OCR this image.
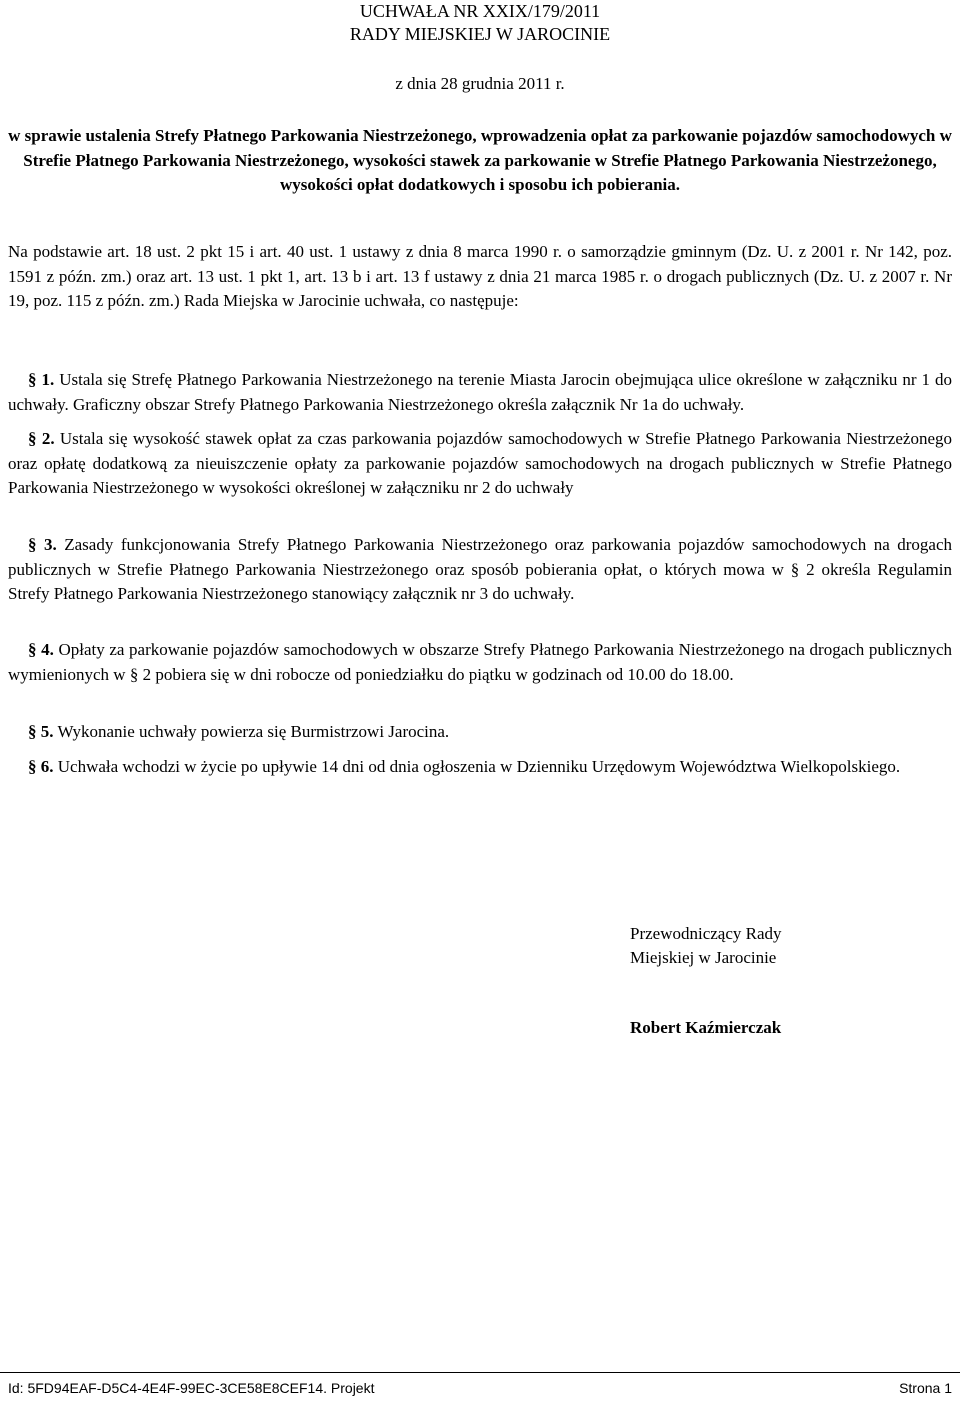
UCHWAŁA NR XXIX/179/2011
RADY MIEJSKIEJ W JAROCINIE
z dnia 28 grudnia 2011 r.
w sprawie ustalenia Strefy Płatnego Parkowania Niestrzeżonego, wprowadzenia opłat za parkowanie pojazdów samochodowych w Strefie Płatnego Parkowania Niestrzeżonego, wysokości stawek za parkowanie w Strefie Płatnego Parkowania Niestrzeżonego, wysokości opłat dodatkowych i sposobu ich pobierania.
Na podstawie art. 18 ust. 2 pkt 15 i art. 40 ust. 1 ustawy z dnia 8 marca 1990 r. o samorządzie gminnym (Dz. U. z 2001 r. Nr 142, poz. 1591 z późn. zm.) oraz art. 13 ust. 1 pkt 1, art. 13 b i art. 13 f ustawy z dnia 21 marca 1985 r. o drogach publicznych (Dz. U. z 2007 r. Nr 19, poz. 115 z późn. zm.) Rada Miejska w Jarocinie uchwała, co następuje:
§ 1. Ustala się Strefę Płatnego Parkowania Niestrzeżonego na terenie Miasta Jarocin obejmująca ulice określone w załączniku nr 1 do uchwały. Graficzny obszar Strefy Płatnego Parkowania Niestrzeżonego określa załącznik Nr 1a do uchwały.
§ 2. Ustala się wysokość stawek opłat za czas parkowania pojazdów samochodowych w Strefie Płatnego Parkowania Niestrzeżonego oraz opłatę dodatkową za nieuiszczenie opłaty za parkowanie pojazdów samochodowych na drogach publicznych w Strefie Płatnego Parkowania Niestrzeżonego w wysokości określonej w załączniku nr 2 do uchwały
§ 3. Zasady funkcjonowania Strefy Płatnego Parkowania Niestrzeżonego oraz parkowania pojazdów samochodowych na drogach publicznych w Strefie Płatnego Parkowania Niestrzeżonego oraz sposób pobierania opłat, o których mowa w § 2 określa Regulamin Strefy Płatnego Parkowania Niestrzeżonego stanowiący załącznik nr 3 do uchwały.
§ 4. Opłaty za parkowanie pojazdów samochodowych w obszarze Strefy Płatnego Parkowania Niestrzeżonego na drogach publicznych wymienionych w § 2 pobiera się w dni robocze od poniedziałku do piątku w godzinach od 10.00 do 18.00.
§ 5. Wykonanie uchwały powierza się Burmistrzowi Jarocina.
§ 6. Uchwała wchodzi w życie po upływie 14 dni od dnia ogłoszenia w Dzienniku Urzędowym Województwa Wielkopolskiego.
Przewodniczący Rady
Miejskiej w Jarocinie
Robert Kaźmierczak
Id: 5FD94EAF-D5C4-4E4F-99EC-3CE58E8CEF14. Projekt	Strona 1
